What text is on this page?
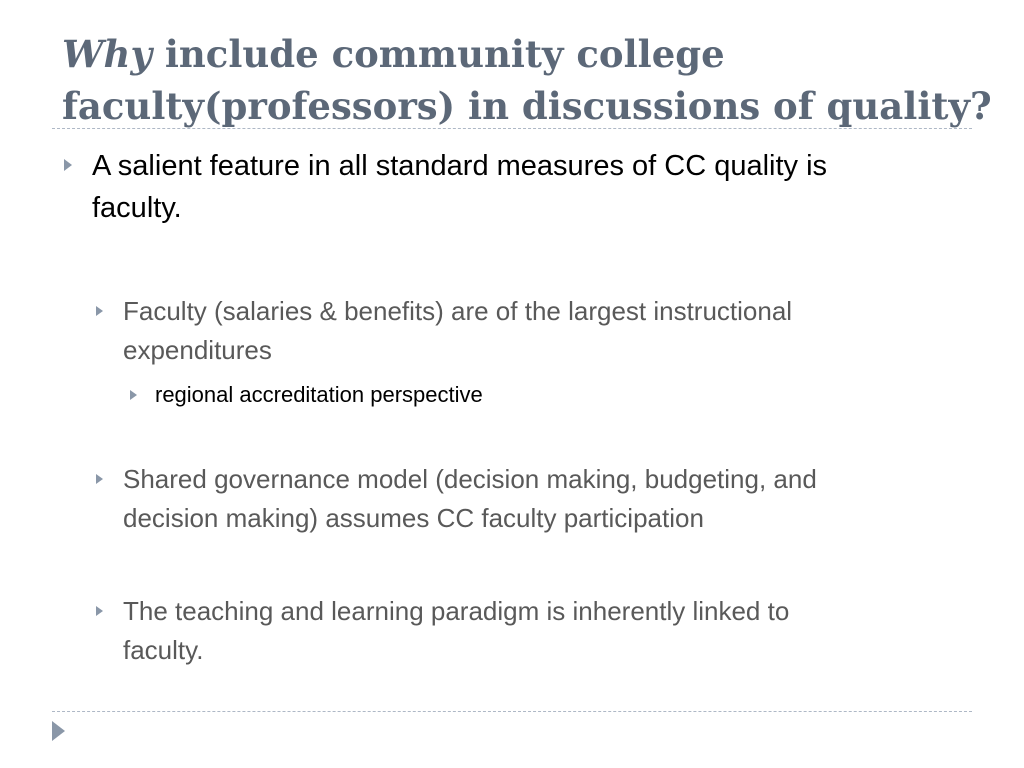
Why include community college
faculty(professors) in discussions of quality?
A salient feature in all standard measures of CC quality is
faculty.
Faculty (salaries & benefits) are of the largest instructional
expenditures
regional accreditation perspective
Shared governance model (decision making, budgeting, and
decision making) assumes CC faculty participation
The teaching and learning paradigm is inherently linked to
faculty.
